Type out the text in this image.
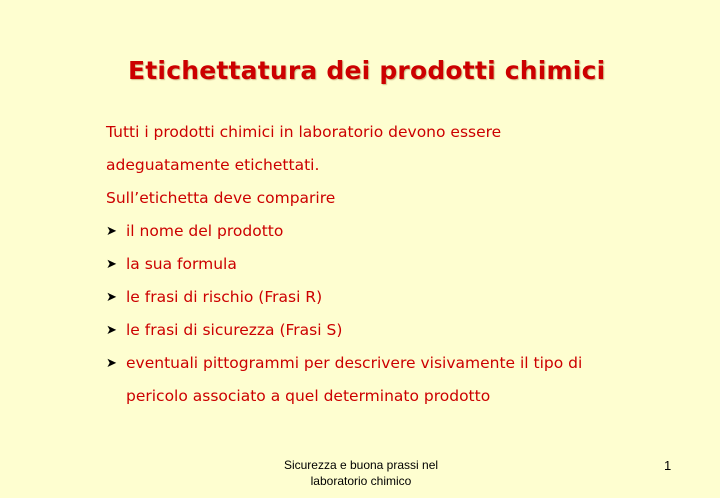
Etichettatura dei prodotti chimici
Tutti i prodotti chimici in laboratorio devono essere
adeguatamente etichettati.
Sull’etichetta deve comparire
➤ il nome del prodotto
➤ la sua formula
➤ le frasi di rischio (Frasi R)
➤ le frasi di sicurezza (Frasi S)
➤ eventuali pittogrammi per descrivere visivamente il tipo di
pericolo associato a quel determinato prodotto
Sicurezza e buona prassi nel
laboratorio chimico
1
